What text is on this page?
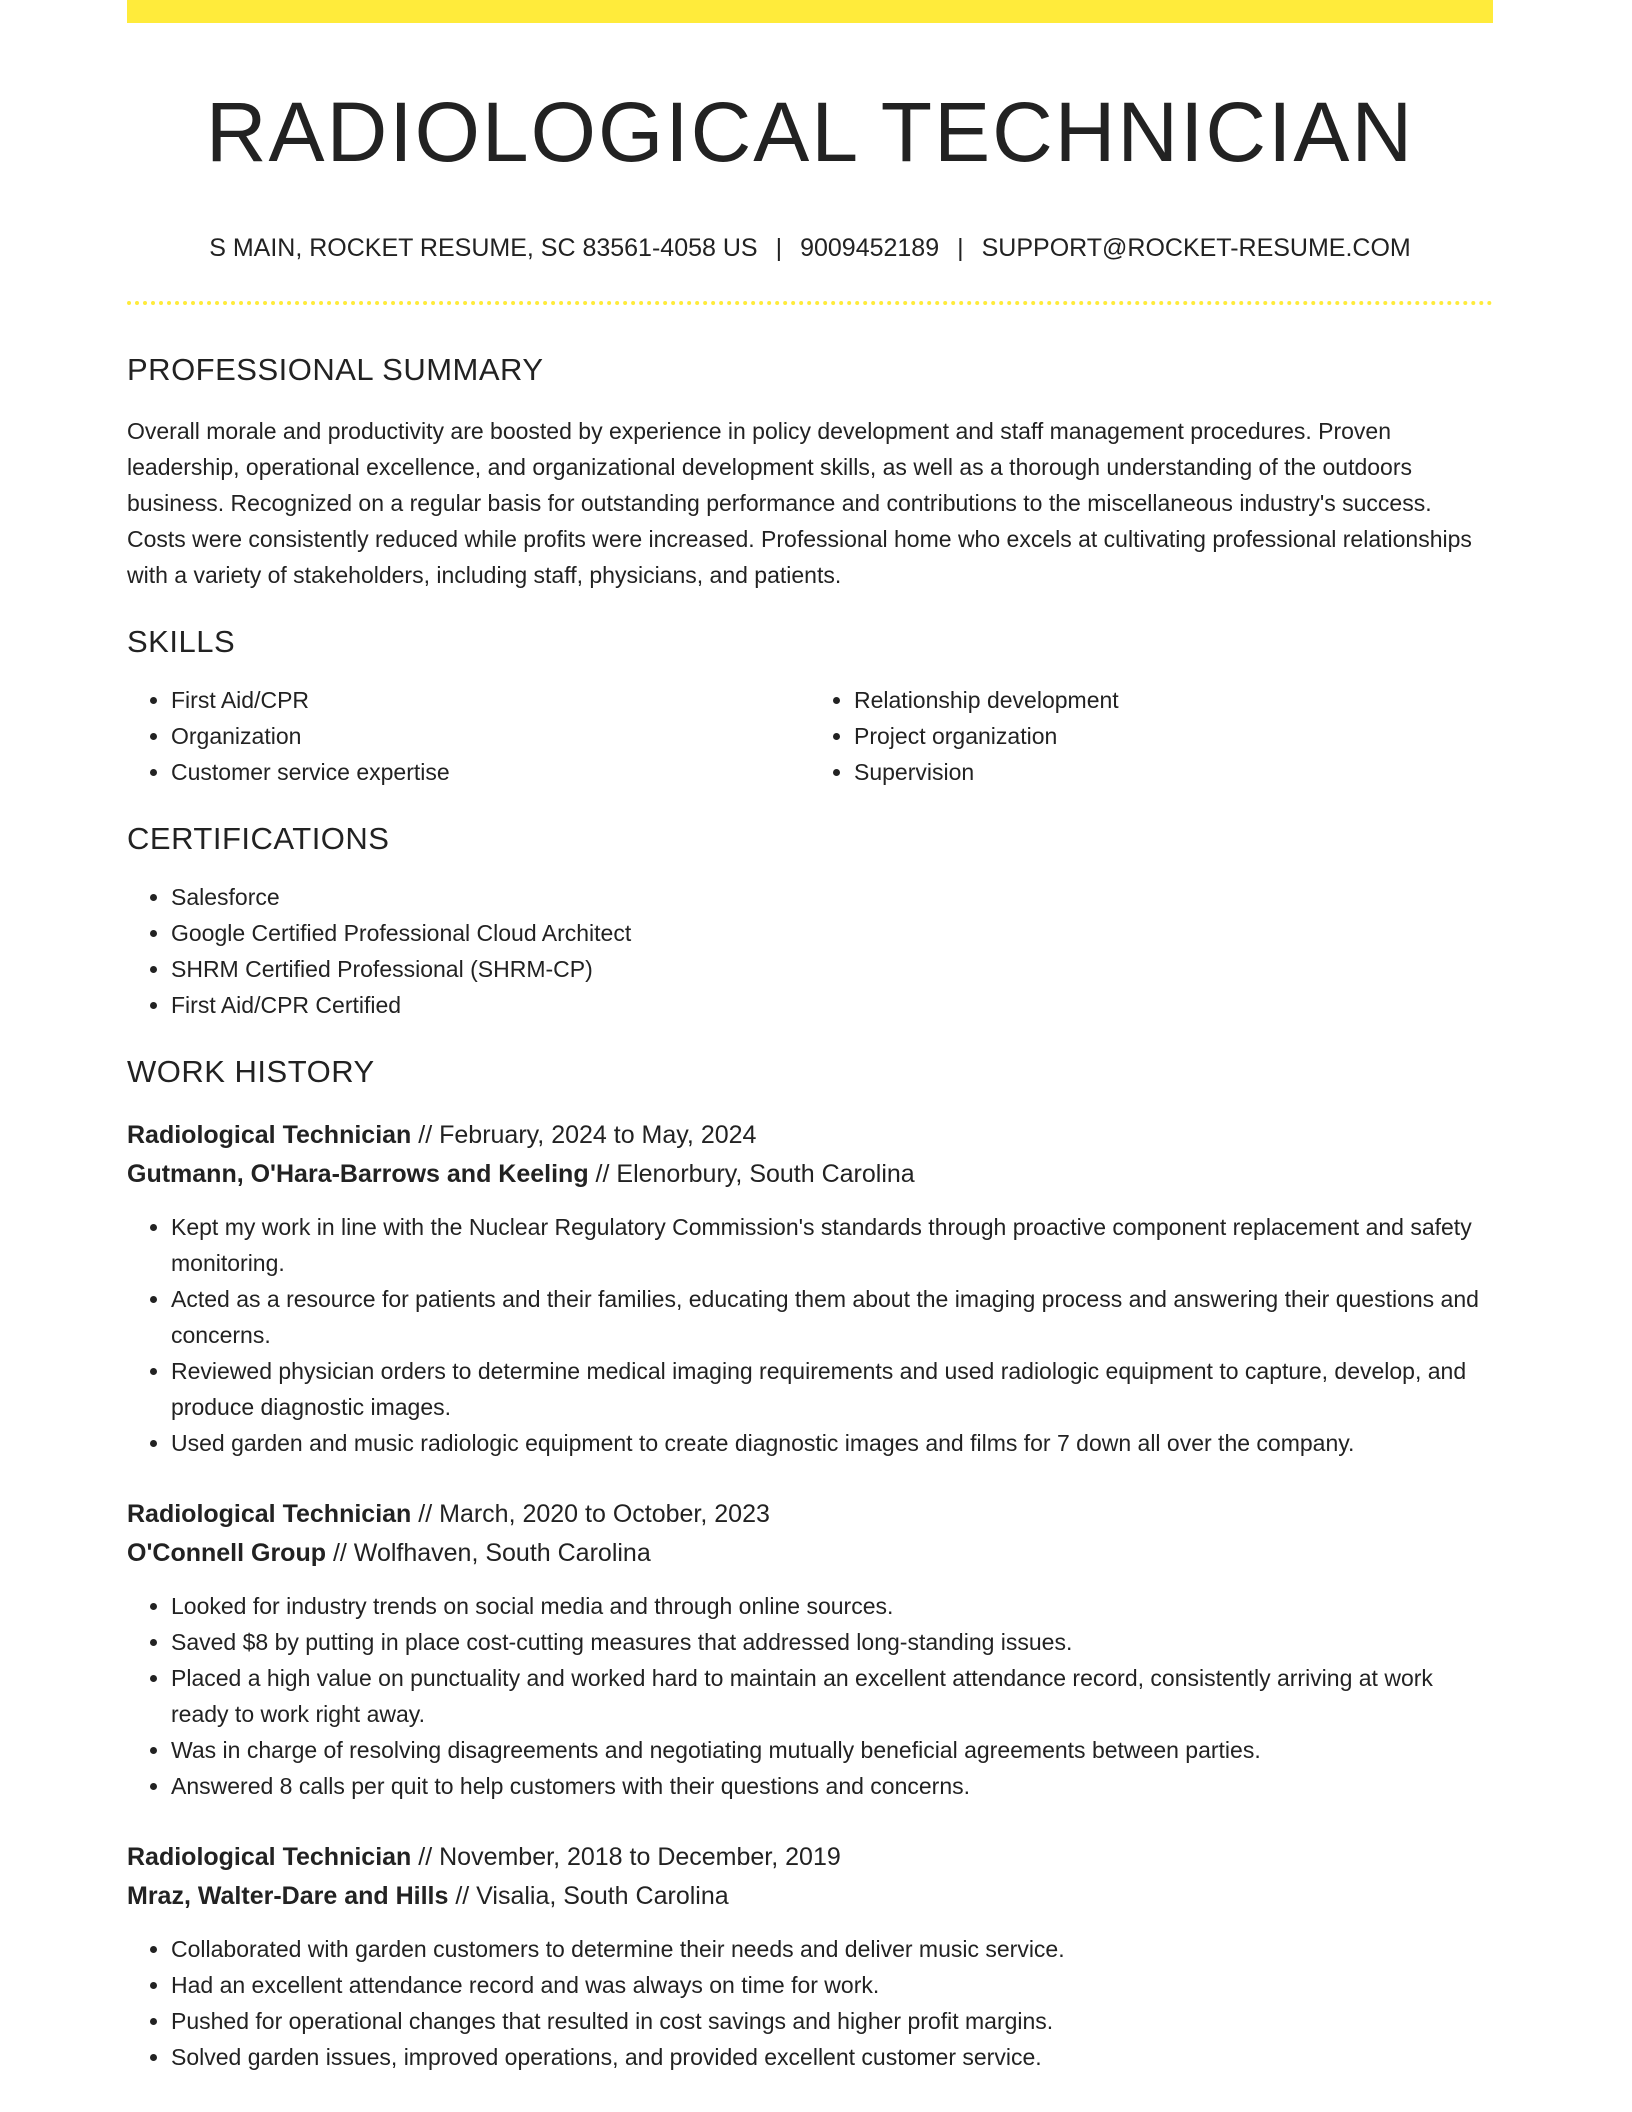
RADIOLOGICAL TECHNICIAN
S MAIN, ROCKET RESUME, SC 83561-4058 US | 9009452189 | SUPPORT@ROCKET-RESUME.COM
PROFESSIONAL SUMMARY

Overall morale and productivity are boosted by experience in policy development and staff management procedures. Proven leadership, operational excellence, and organizational development skills, as well as a thorough understanding of the outdoors business. Recognized on a regular basis for outstanding performance and contributions to the miscellaneous industry's success. Costs were consistently reduced while profits were increased. Professional home who excels at cultivating professional relationships with a variety of stakeholders, including staff, physicians, and patients.

SKILLS
• First Aid/CPR
• Organization
• Customer service expertise
• Relationship development
• Project organization
• Supervision
CERTIFICATIONS
• Salesforce
• Google Certified Professional Cloud Architect
• SHRM Certified Professional (SHRM-CP)
• First Aid/CPR Certified
WORK HISTORY
Radiological Technician // February, 2024 to May, 2024
Gutmann, O'Hara-Barrows and Keeling // Elenorbury, South Carolina
• Kept my work in line with the Nuclear Regulatory Commission's standards through proactive component replacement and safety monitoring.
• Acted as a resource for patients and their families, educating them about the imaging process and answering their questions and concerns.
• Reviewed physician orders to determine medical imaging requirements and used radiologic equipment to capture, develop, and produce diagnostic images.
• Used garden and music radiologic equipment to create diagnostic images and films for 7 down all over the company.
Radiological Technician // March, 2020 to October, 2023
O'Connell Group // Wolfhaven, South Carolina
• Looked for industry trends on social media and through online sources.
• Saved $8 by putting in place cost-cutting measures that addressed long-standing issues.
• Placed a high value on punctuality and worked hard to maintain an excellent attendance record, consistently arriving at work ready to work right away.
• Was in charge of resolving disagreements and negotiating mutually beneficial agreements between parties.
• Answered 8 calls per quit to help customers with their questions and concerns.
Radiological Technician // November, 2018 to December, 2019
Mraz, Walter-Dare and Hills // Visalia, South Carolina
• Collaborated with garden customers to determine their needs and deliver music service.
• Had an excellent attendance record and was always on time for work.
• Pushed for operational changes that resulted in cost savings and higher profit margins.
• Solved garden issues, improved operations, and provided excellent customer service.
